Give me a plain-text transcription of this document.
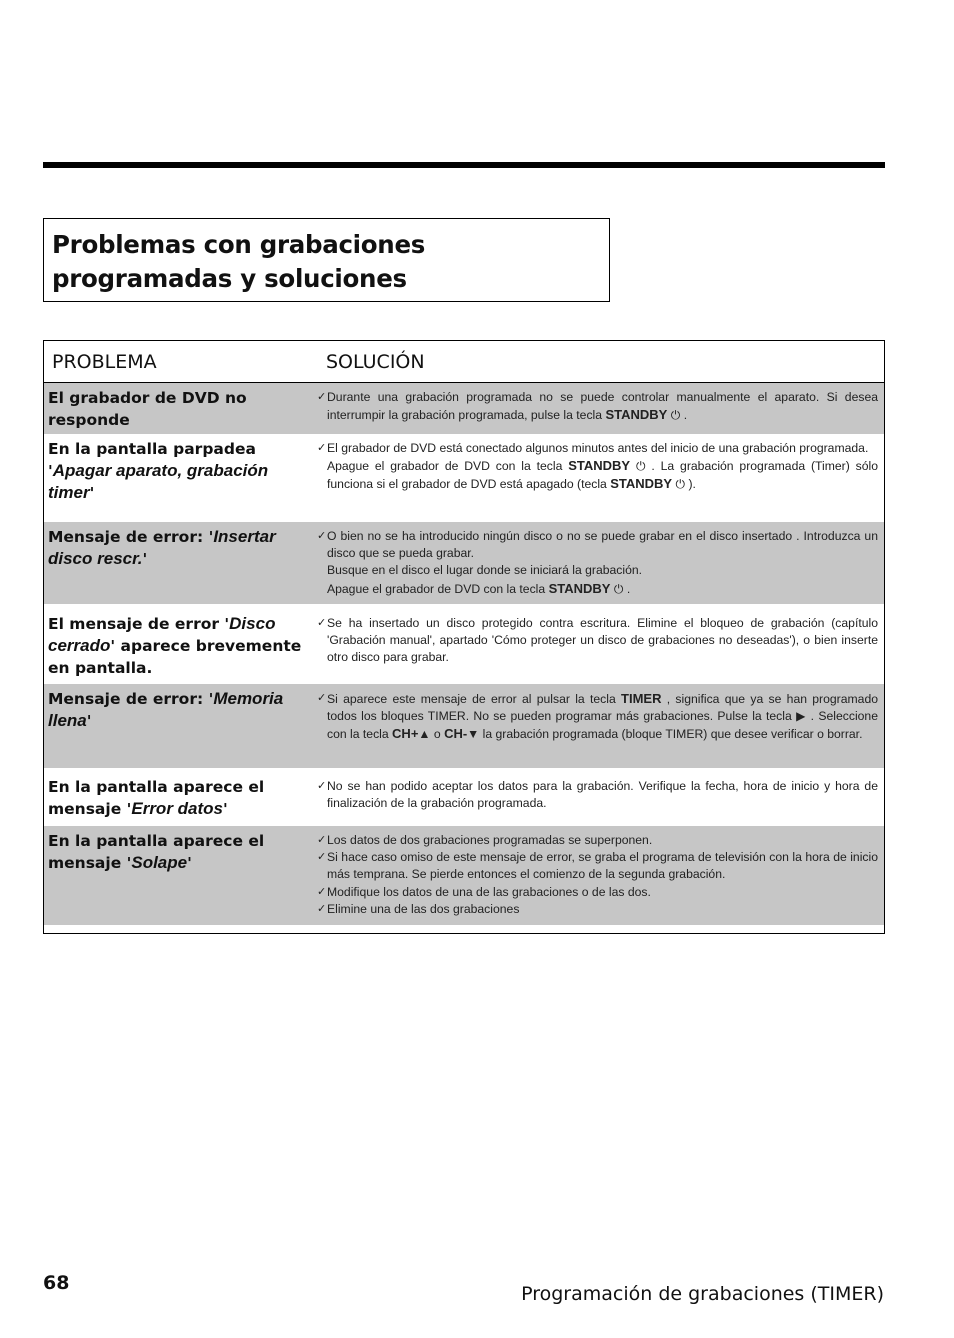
Problemas con grabaciones programadas y soluciones
PROBLEMA	SOLUCIÓN
El grabador de DVD no responde
✓ Durante una grabación programada no se puede controlar manualmente el aparato. Si desea interrumpir la grabación programada, pulse la tecla STANDBY ⏻ .
En la pantalla parpadea 'Apagar aparato, grabación timer'
✓ El grabador de DVD está conectado algunos minutos antes del inicio de una grabación programada.
Apague el grabador de DVD con la tecla STANDBY ⏻ . La grabación programada (Timer) sólo funciona si el grabador de DVD está apagado (tecla STANDBY ⏻ ).
Mensaje de error: 'Insertar disco rescr.'
✓ O bien no se ha introducido ningún disco o no se puede grabar en el disco insertado . Introduzca un disco que se pueda grabar.
Busque en el disco el lugar donde se iniciará la grabación.
Apague el grabador de DVD con la tecla STANDBY ⏻ .
El mensaje de error 'Disco cerrado' aparece brevemente en pantalla.
✓ Se ha insertado un disco protegido contra escritura. Elimine el bloqueo de grabación (capítulo 'Grabación manual', apartado 'Cómo proteger un disco de grabaciones no deseadas'), o bien inserte otro disco para grabar.
Mensaje de error: 'Memoria llena'
✓ Si aparece este mensaje de error al pulsar la tecla TIMER , significa que ya se han programado todos los bloques TIMER. No se pueden programar más grabaciones. Pulse la tecla ▶ . Seleccione con la tecla CH+▲ o CH-▼ la grabación programada (bloque TIMER) que desee verificar o borrar.
En la pantalla aparece el mensaje 'Error datos'
✓ No se han podido aceptar los datos para la grabación. Verifique la fecha, hora de inicio y hora de finalización de la grabación programada.
En la pantalla aparece el mensaje 'Solape'
✓ Los datos de dos grabaciones programadas se superponen.
✓ Si hace caso omiso de este mensaje de error, se graba el programa de televisión con la hora de inicio más temprana. Se pierde entonces el comienzo de la segunda grabación.
✓ Modifique los datos de una de las grabaciones o de las dos.
✓ Elimine una de las dos grabaciones
68	Programación de grabaciones (TIMER)
